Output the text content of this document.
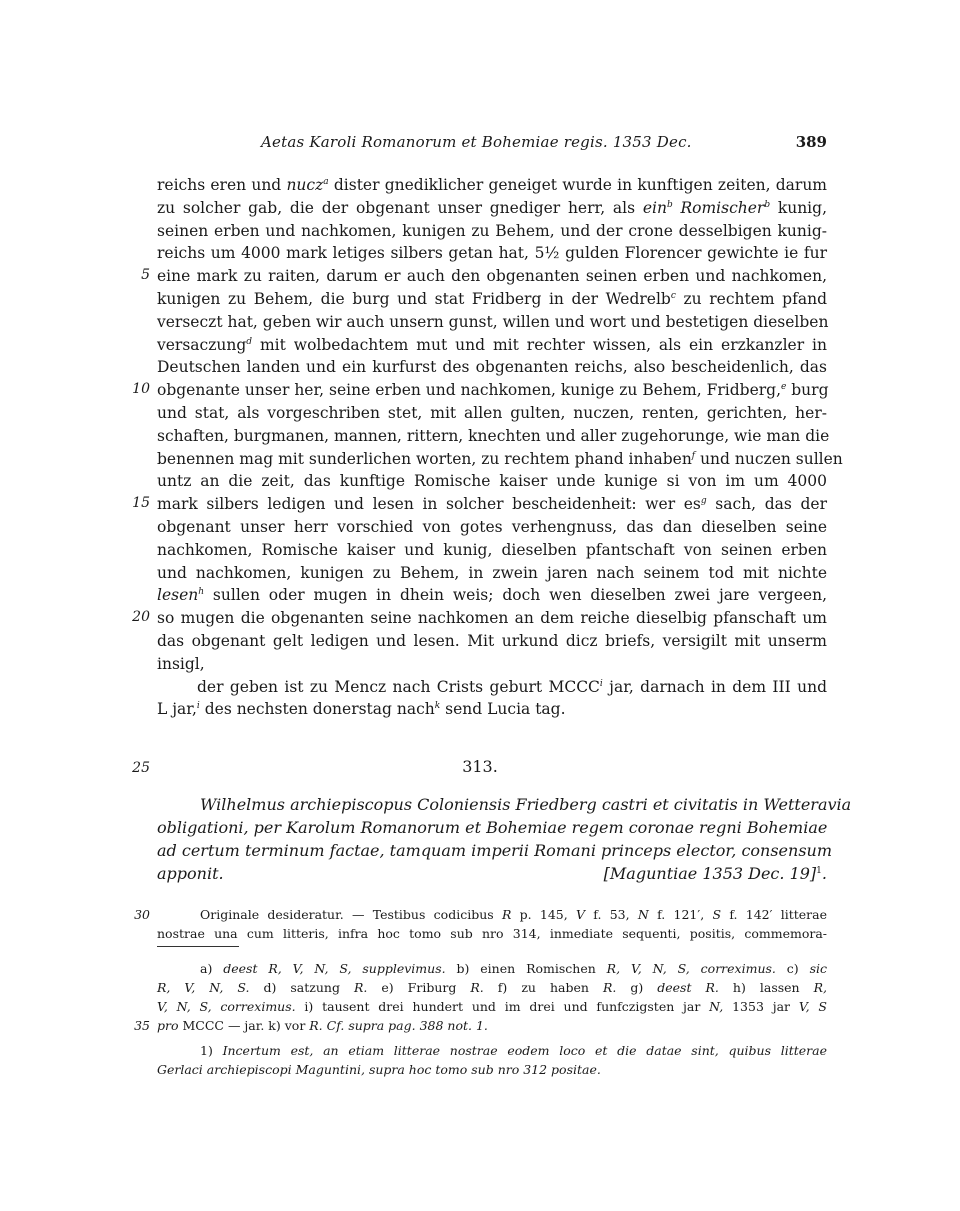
Aetas Karoli Romanorum et Bohemiae regis. 1353 Dec.	389
reichs eren und nucz$^a$ dister gnediklicher geneiget wurde in kunftigen zeiten, darum
zu solcher gab, die der obgenant unser gnediger herr, als ein$^b$ Romischer$^b$ kunig,
seinen erben und nachkomen, kunigen zu Behem, und der crone desselbigen kunig-
reichs um 4000 mark letiges silbers getan hat, 5½ gulden Florencer gewichte ie fur
eine mark zu raiten, darum er auch den obgenanten seinen erben und nachkomen,
kunigen zu Behem, die burg und stat Fridberg in der Wedrelb$^c$ zu rechtem pfand
verseczt hat, geben wir auch unsern gunst, willen und wort und bestetigen dieselben
versaczung$^d$ mit wolbedachtem mut und mit rechter wissen, als ein erzkanzler in
Deutschen landen und ein kurfurst des obgenanten reichs, also bescheidenlich, das
obgenante unser her, seine erben und nachkomen, kunige zu Behem, Fridberg,$^e$ burg
und stat, als vorgeschriben stet, mit allen gulten, nuczen, renten, gerichten, her-
schaften, burgmanen, mannen, rittern, knechten und aller zugehorunge, wie man die
benennen mag mit sunderlichen worten, zu rechtem phand inhaben$^f$ und nuczen sullen
untz an die zeit, das kunftige Romische kaiser unde kunige si von im um 4000
mark silbers ledigen und lesen in solcher bescheidenheit: wer $es^g$ sach, das der
obgenant unser herr vorschied von gotes verhengnuss, das dan dieselben seine
nachkomen, Romische kaiser und kunig, dieselben pfantschaft von seinen erben
und nachkomen, kunigen zu Behem, in zwein jaren nach seinem tod mit nichte
lesen$^h$ sullen oder mugen in dhein weis; doch wen dieselben zwei jare vergeen,
so mugen die obgenanten seine nachkomen an dem reiche dieselbig pfanschaft um
das obgenant gelt ledigen und lesen. Mit urkund dicz briefs, versigilt mit unserm
insigl,
der geben ist zu Mencz nach Crists geburt MCCC$^i$ jar, darnach in dem III und
L jar,$^i$ des nechsten donerstag nach$^k$ send Lucia tag.
5
10
15
20
25	313.
Wilhelmus archiepiscopus Coloniensis Friedberg castri et civitatis in Wetteravia
obligationi, per Karolum Romanorum et Bohemiae regem coronae regni Bohemiae
ad certum terminum factae, tamquam imperii Romani princeps elector, consensum
apponit.	[Maguntiae 1353 Dec. 19]$^1$.
30	Originale desideratur. — Testibus codicibus R p. 145, V f. 53, N f. 121′, S f. 142′ litterae
nostrae una cum litteris, infra hoc tomo sub nro 314, inmediate sequenti, positis, commemora-
35
a) deest R, V, N, S, supplevimus. b) einen Romischen R, V, N, S, correximus. c) sic
R, V, N, S. d) satzung R. e) Friburg R. f) zu haben R. g) deest R. h) lassen R,
V, N, S, correximus. i) tausent drei hundert und im drei und funfczigsten jar N, 1353 jar V, S
pro MCCC — jar. k) vor R. Cf. supra pag. 388 not. 1.
1) Incertum est, an etiam litterae nostrae eodem loco et die datae sint, quibus litterae
Gerlaci archiepiscopi Maguntini, supra hoc tomo sub nro 312 positae.
